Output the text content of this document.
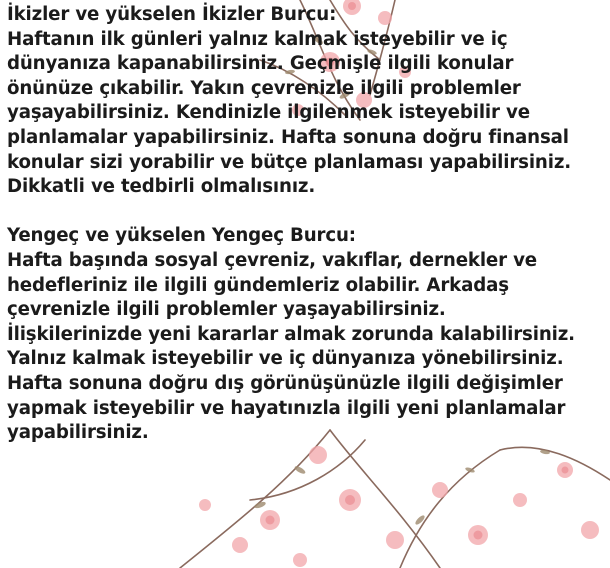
İkizler ve yükselen İkizler Burcu:
Haftanın ilk günleri yalnız kalmak isteyebilir ve iç
dünyanıza kapanabilirsiniz. Geçmişle ilgili konular
önünüze çıkabilir. Yakın çevrenizle ilgili problemler
yaşayabilirsiniz. Kendinizle ilgilenmek isteyebilir ve
planlamalar yapabilirsiniz. Hafta sonuna doğru finansal
konular sizi yorabilir ve bütçe planlaması yapabilirsiniz.
Dikkatli ve tedbirli olmalısınız.
Yengeç ve yükselen Yengeç Burcu:
Hafta başında sosyal çevreniz, vakıflar, dernekler ve
hedefleriniz ile ilgili gündemleriz olabilir. Arkadaş
çevrenizle ilgili problemler yaşayabilirsiniz.
İlişkilerinizde yeni kararlar almak zorunda kalabilirsiniz.
Yalnız kalmak isteyebilir ve iç dünyanıza yönebilirsiniz.
Hafta sonuna doğru dış görünüşünüzle ilgili değişimler
yapmak isteyebilir ve hayatınızla ilgili yeni planlamalar
yapabilirsiniz.
